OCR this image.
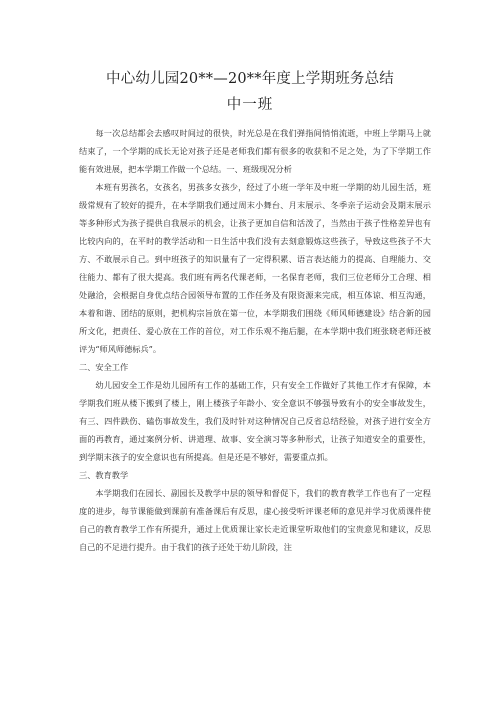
中心幼儿园20**—20**年度上学期班务总结
中一班

每一次总结都会去感叹时间过的很快，时光总是在我们弹指间悄悄流逝，中班上学期马上就结束了，一个学期的成长无论对孩子还是老师我们都有很多的收获和不足之处，为了下学期工作能有效进展，把本学期工作做一个总结。一、班级现况分析

本班有男孩名，女孩名，男孩多女孩少，经过了小班一学年及中班一学期的幼儿园生活，班级常规有了较好的提升，在本学期我们通过周末小舞台、月末展示、冬季亲子运动会及期末展示等多种形式为孩子提供自我展示的机会，让孩子更加自信和活泼了，当然由于孩子性格差异也有比较内向的，在平时的教学活动和一日生活中我们没有去刻意锻炼这些孩子，导致这些孩子不大方、不敢展示自己。到中班孩子的知识量有了一定得积累、语言表达能力的提高、自理能力、交往能力、都有了很大提高。我们班有两名代课老师，一名保育老师，我们三位老师分工合理、相处融洽，会根据自身优点结合园领导布置的工作任务及有限资源来完成，相互体谅、相互沟通，本着和谐、团结的原则，把机构宗旨放在第一位，本学期我们围绕《师风师德建设》结合新的园所文化，把责任、爱心放在工作的首位，对工作乐观不拖后腿，在本学期中我们班张晓老师还被评为“师风师德标兵”。

二、安全工作

幼儿园安全工作是幼儿园所有工作的基础工作，只有安全工作做好了其他工作才有保障，本学期我们班从楼下搬到了楼上，刚上楼孩子年龄小、安全意识不够强导致有小的安全事故发生，有三、四件跌伤、磕伤事故发生，我们及时针对这种情况自己反省总结经验，对孩子进行安全方面的再教育，通过案例分析、讲道理、故事、安全演习等多种形式，让孩子知道安全的重要性，到学期末孩子的安全意识也有所提高。但是还是不够好，需要重点抓。

三、教育教学

本学期我们在园长、副园长及教学中层的领导和督促下，我们的教育教学工作也有了一定程度的进步，每节课能做到课前有准备课后有反思，虚心接受听评课老师的意见并学习优质课件使自己的教育教学工作有所提升，通过上优质课让家长走近课堂听取他们的宝贵意见和建议，反思自己的不足进行提升。由于我们的孩子还处于幼儿阶段，注
